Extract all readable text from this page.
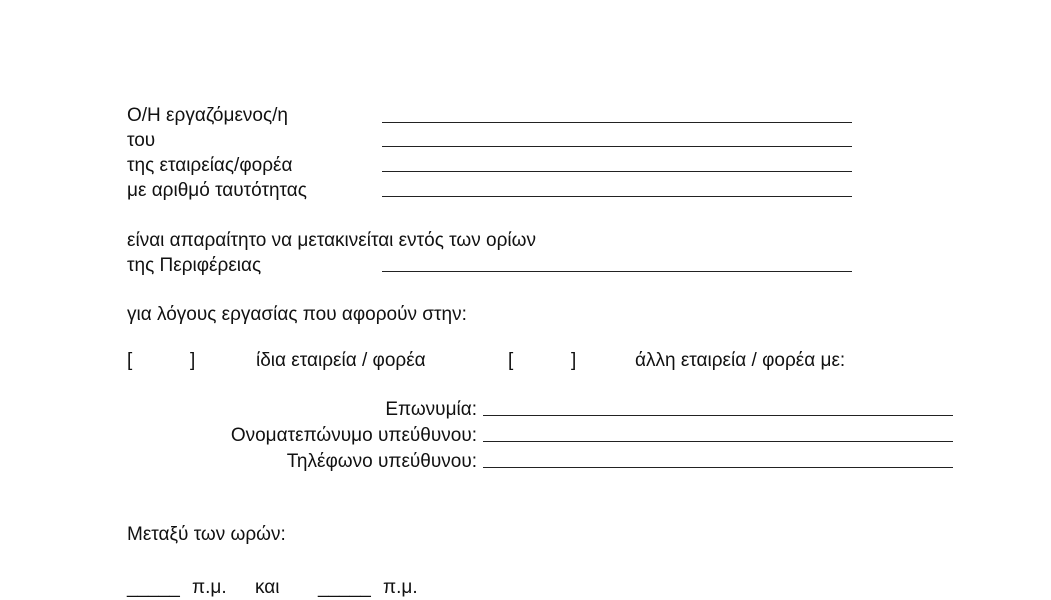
Ο/Η εργαζόμενος/η
του
της εταιρείας/φορέα
με αριθμό ταυτότητας
είναι απαραίτητο να μετακινείται εντός των ορίων
της Περιφέρειας
για λόγους εργασίας που αφορούν στην:
[	]	ίδια εταιρεία / φορέα	[	]	άλλη εταιρεία / φορέα με:
Επωνυμία:
Ονοματεπώνυμο υπεύθυνου:
Τηλέφωνο υπεύθυνου:
Μεταξύ των ωρών:
_____ π.μ. και _____ π.μ.
